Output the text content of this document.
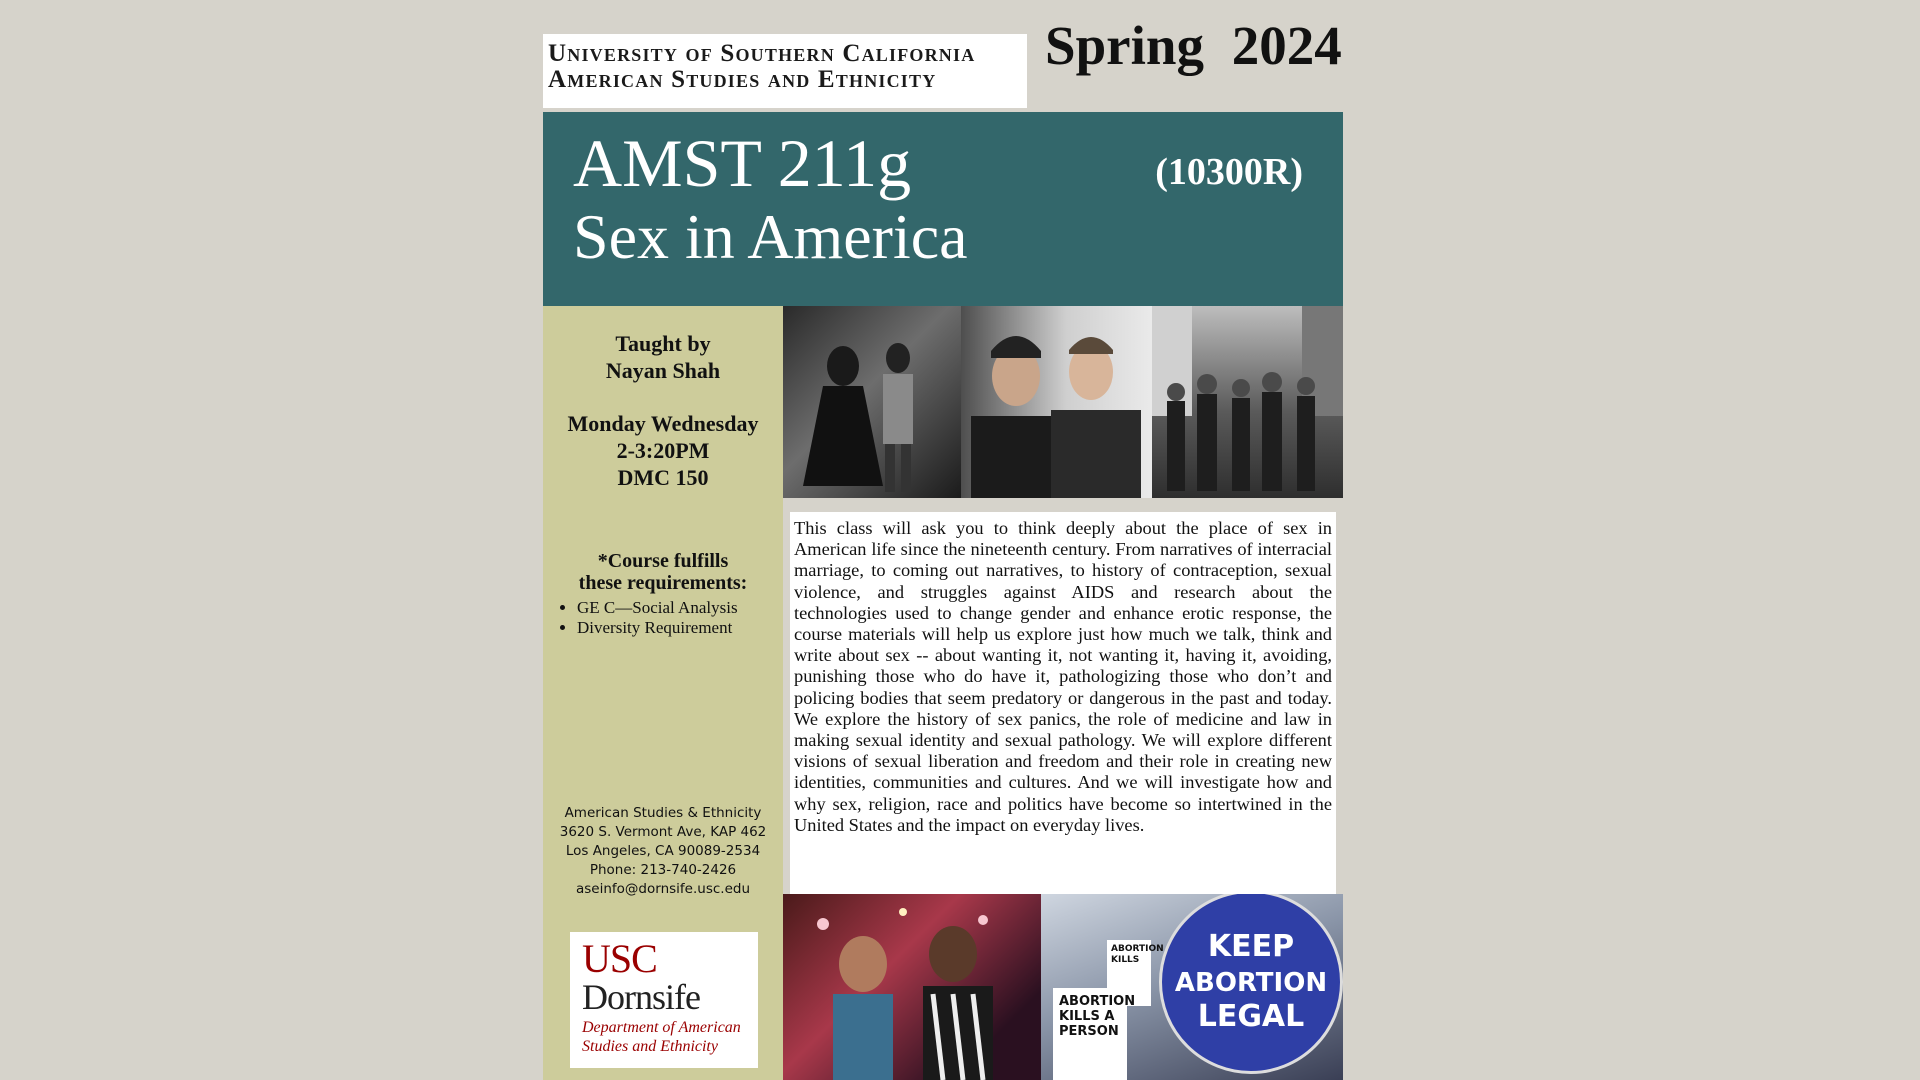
University of Southern California
American Studies and Ethnicity
Spring 2024
AMST 211g	(10300R)
Sex in America
Taught by
Nayan Shah
Monday Wednesday
2-3:20PM
DMC 150
*Course fulfills
these requirements:
• GE C—Social Analysis
• Diversity Requirement
American Studies & Ethnicity
3620 S. Vermont Ave, KAP 462
Los Angeles, CA 90089-2534
Phone: 213-740-2426
aseinfo@dornsife.usc.edu
USC
Dornsife
Department of American
Studies and Ethnicity

This class will ask you to think deeply about the place of sex in American life since the nineteenth century. From narratives of interracial marriage, to coming out narratives, to history of contraception, sexual violence, and struggles against AIDS and research about the technologies used to change gender and enhance erotic response, the course materials will help us explore just how much we talk, think and write about sex -- about wanting it, not wanting it, having it, avoiding, punishing those who do have it, pathologizing those who don’t and policing bodies that seem predatory or dangerous in the past and today. We explore the history of sex panics, the role of medicine and law in making sexual identity and sexual pathology. We will explore different visions of sexual liberation and freedom and their role in creating new identities, communities and cultures. And we will investigate how and why sex, religion, race and politics have become so intertwined in the United States and the impact on everyday lives.

KEEP
ABORTION
LEGAL
ABORTION KILLS
ABORTION KILLS A PERSON
